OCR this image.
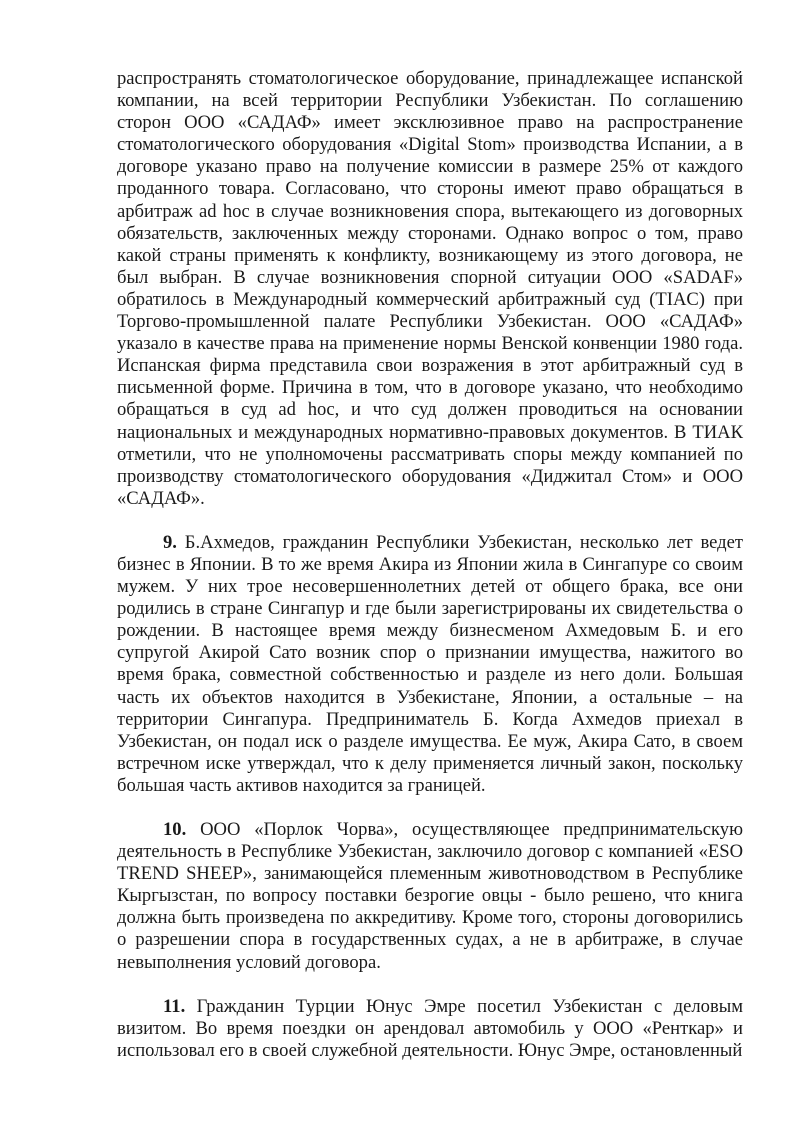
распространять стоматологическое оборудование, принадлежащее испанской компании, на всей территории Республики Узбекистан. По соглашению сторон ООО «САДАФ» имеет эксклюзивное право на распространение стоматологического оборудования «Digital Stom» производства Испании, а в договоре указано право на получение комиссии в размере 25% от каждого проданного товара. Согласовано, что стороны имеют право обращаться в арбитраж ad hoc в случае возникновения спора, вытекающего из договорных обязательств, заключенных между сторонами. Однако вопрос о том, право какой страны применять к конфликту, возникающему из этого договора, не был выбран. В случае возникновения спорной ситуации ООО «SADAF» обратилось в Международный коммерческий арбитражный суд (TIAC) при Торгово-промышленной палате Республики Узбекистан. ООО «САДАФ» указало в качестве права на применение нормы Венской конвенции 1980 года. Испанская фирма представила свои возражения в этот арбитражный суд в письменной форме. Причина в том, что в договоре указано, что необходимо обращаться в суд ad hoc, и что суд должен проводиться на основании национальных и международных нормативно-правовых документов. В ТИАК отметили, что не уполномочены рассматривать споры между компанией по производству стоматологического оборудования «Диджитал Стом» и ООО «САДАФ».

9. Б.Ахмедов, гражданин Республики Узбекистан, несколько лет ведет бизнес в Японии. В то же время Акира из Японии жила в Сингапуре со своим мужем. У них трое несовершеннолетних детей от общего брака, все они родились в стране Сингапур и где были зарегистрированы их свидетельства о рождении. В настоящее время между бизнесменом Ахмедовым Б. и его супругой Акирой Сато возник спор о признании имущества, нажитого во время брака, совместной собственностью и разделе из него доли. Большая часть их объектов находится в Узбекистане, Японии, а остальные – на территории Сингапура. Предприниматель Б. Когда Ахмедов приехал в Узбекистан, он подал иск о разделе имущества. Ее муж, Акира Сато, в своем встречном иске утверждал, что к делу применяется личный закон, поскольку большая часть активов находится за границей.

10. ООО «Порлок Чорва», осуществляющее предпринимательскую деятельность в Республике Узбекистан, заключило договор с компанией «ESO TREND SHEEP», занимающейся племенным животноводством в Республике Кыргызстан, по вопросу поставки безрогие овцы - было решено, что книга должна быть произведена по аккредитиву. Кроме того, стороны договорились о разрешении спора в государственных судах, а не в арбитраже, в случае невыполнения условий договора.

11. Гражданин Турции Юнус Эмре посетил Узбекистан с деловым визитом. Во время поездки он арендовал автомобиль у ООО «Ренткар» и использовал его в своей служебной деятельности. Юнус Эмре, остановленный
